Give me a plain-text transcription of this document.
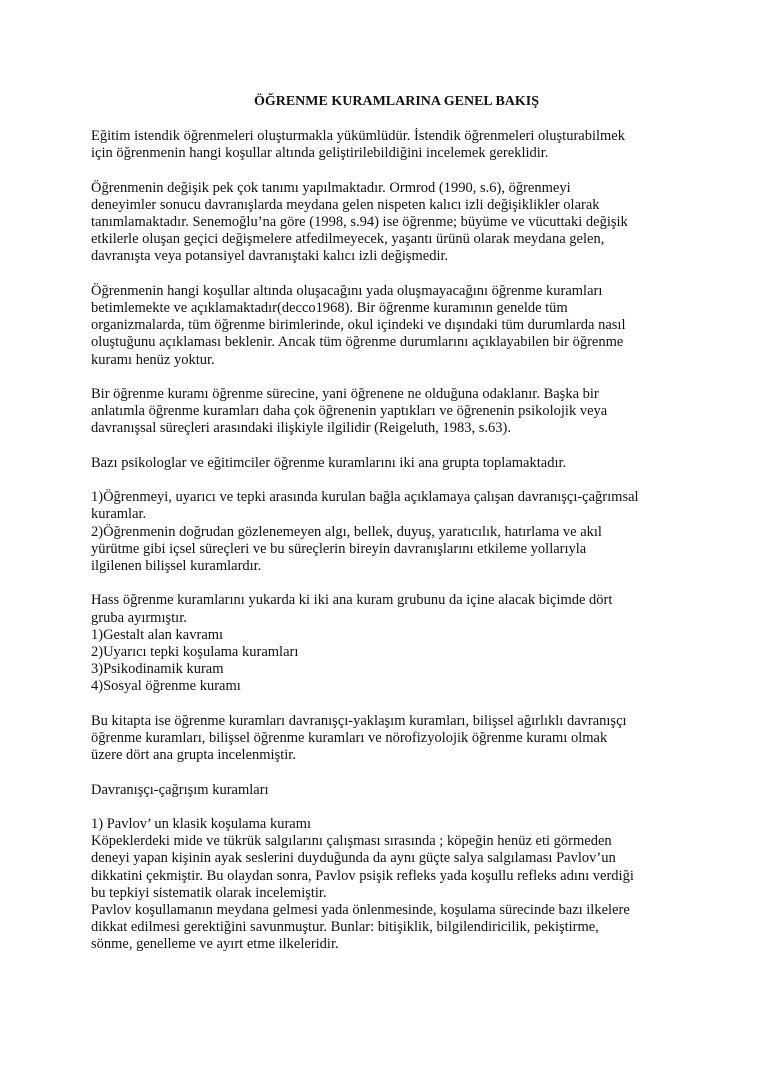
ÖĞRENME KURAMLARINA GENEL BAKIŞ
Eğitim istendik öğrenmeleri oluşturmakla yükümlüdür. İstendik öğrenmeleri oluşturabilmek
için öğrenmenin hangi koşullar altında geliştirilebildiğini incelemek gereklidir.
Öğrenmenin değişik pek çok tanımı yapılmaktadır. Ormrod (1990, s.6), öğrenmeyi
deneyimler sonucu davranışlarda meydana gelen nispeten kalıcı izli değişiklikler olarak
tanımlamaktadır. Senemoğlu’na göre (1998, s.94) ise öğrenme; büyüme ve vücuttaki değişik
etkilerle oluşan geçici değişmelere atfedilmeyecek, yaşantı ürünü olarak meydana gelen,
davranışta veya potansiyel davranıştaki kalıcı izli değişmedir.
Öğrenmenin hangi koşullar altında oluşacağını yada oluşmayacağını öğrenme kuramları
betimlemekte ve açıklamaktadır(decco1968). Bir öğrenme kuramının genelde tüm
organizmalarda, tüm öğrenme birimlerinde, okul içindeki ve dışındaki tüm durumlarda nasıl
oluştuğunu açıklaması beklenir. Ancak tüm öğrenme durumlarını açıklayabilen bir öğrenme
kuramı henüz yoktur.
Bir öğrenme kuramı öğrenme sürecine, yani öğrenene ne olduğuna odaklanır. Başka bir
anlatımla öğrenme kuramları daha çok öğrenenin yaptıkları ve öğrenenin psikolojik veya
davranışsal süreçleri arasındaki ilişkiyle ilgilidir (Reigeluth, 1983, s.63).
Bazı psikologlar ve eğitimciler öğrenme kuramlarını iki ana grupta toplamaktadır.
1)Öğrenmeyi, uyarıcı ve tepki arasında kurulan bağla açıklamaya çalışan davranışçı-çağrımsal
kuramlar.
2)Öğrenmenin doğrudan gözlenemeyen algı, bellek, duyuş, yaratıcılık, hatırlama ve akıl
yürütme gibi içsel süreçleri ve bu süreçlerin bireyin davranışlarını etkileme yollarıyla
ilgilenen bilişsel kuramlardır.
Hass öğrenme kuramlarını yukarda ki iki ana kuram grubunu da içine alacak biçimde dört
gruba ayırmıştır.
1)Gestalt alan kavramı
2)Uyarıcı tepki koşulama kuramları
3)Psikodinamik kuram
4)Sosyal öğrenme kuramı
Bu kitapta ise öğrenme kuramları davranışçı-yaklaşım kuramları, bilişsel ağırlıklı davranışçı
öğrenme kuramları, bilişsel öğrenme kuramları ve nörofizyolojik öğrenme kuramı olmak
üzere dört ana grupta incelenmiştir.
Davranışçı-çağrışım kuramları
1) Pavlov’ un klasik koşulama kuramı
Köpeklerdeki mide ve tükrük salgılarını çalışması sırasında ; köpeğin henüz eti görmeden
deneyi yapan kişinin ayak seslerini duyduğunda da aynı güçte salya salgılaması Pavlov’un
dikkatini çekmiştir. Bu olaydan sonra, Pavlov psişik refleks yada koşullu refleks adını verdiği
bu tepkiyi sistematik olarak incelemiştir.
Pavlov koşullamanın meydana gelmesi yada önlenmesinde, koşulama sürecinde bazı ilkelere
dikkat edilmesi gerektiğini savunmuştur. Bunlar: bitişiklik, bilgilendiricilik, pekiştirme,
sönme, genelleme ve ayırt etme ilkeleridir.
